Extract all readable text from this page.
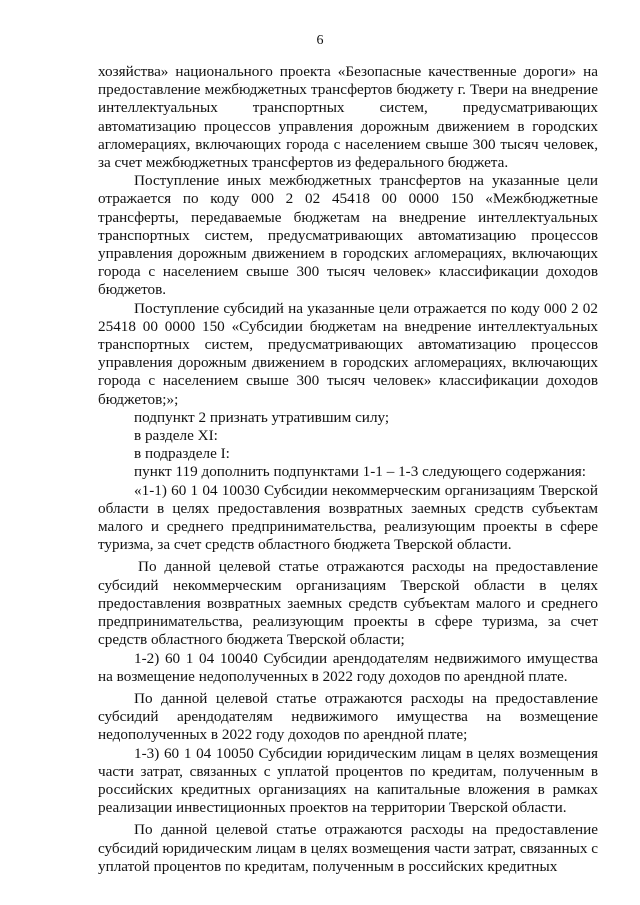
6

хозяйства» национального проекта «Безопасные качественные дороги» на предоставление межбюджетных трансфертов бюджету г. Твери на внедрение интеллектуальных транспортных систем, предусматривающих автоматизацию процессов управления дорожным движением в городских агломерациях, включающих города с населением свыше 300 тысяч человек, за счет межбюджетных трансфертов из федерального бюджета.

Поступление иных межбюджетных трансфертов на указанные цели отражается по коду 000 2 02 45418 00 0000 150 «Межбюджетные трансферты, передаваемые бюджетам на внедрение интеллектуальных транспортных систем, предусматривающих автоматизацию процессов управления дорожным движением в городских агломерациях, включающих города с населением свыше 300 тысяч человек» классификации доходов бюджетов.

Поступление субсидий на указанные цели отражается по коду 000 2 02 25418 00 0000 150 «Субсидии бюджетам на внедрение интеллектуальных транспортных систем, предусматривающих автоматизацию процессов управления дорожным движением в городских агломерациях, включающих города с населением свыше 300 тысяч человек» классификации доходов бюджетов;»;

подпункт 2 признать утратившим силу;

в разделе XI:

в подразделе I:

пункт 119 дополнить подпунктами 1-1 – 1-3 следующего содержания:

«1-1) 60 1 04 10030 Субсидии некоммерческим организациям Тверской области в целях предоставления возвратных заемных средств субъектам малого и среднего предпринимательства, реализующим проекты в сфере туризма, за счет средств областного бюджета Тверской области.

По данной целевой статье отражаются расходы на предоставление субсидий некоммерческим организациям Тверской области в целях предоставления возвратных заемных средств субъектам малого и среднего предпринимательства, реализующим проекты в сфере туризма, за счет средств областного бюджета Тверской области;

1-2) 60 1 04 10040 Субсидии арендодателям недвижимого имущества на возмещение недополученных в 2022 году доходов по арендной плате.

По данной целевой статье отражаются расходы на предоставление субсидий арендодателям недвижимого имущества на возмещение недополученных в 2022 году доходов по арендной плате;

1-3) 60 1 04 10050 Субсидии юридическим лицам в целях возмещения части затрат, связанных с уплатой процентов по кредитам, полученным в российских кредитных организациях на капитальные вложения в рамках реализации инвестиционных проектов на территории Тверской области.

По данной целевой статье отражаются расходы на предоставление субсидий юридическим лицам в целях возмещения части затрат, связанных с уплатой процентов по кредитам, полученным в российских кредитных
